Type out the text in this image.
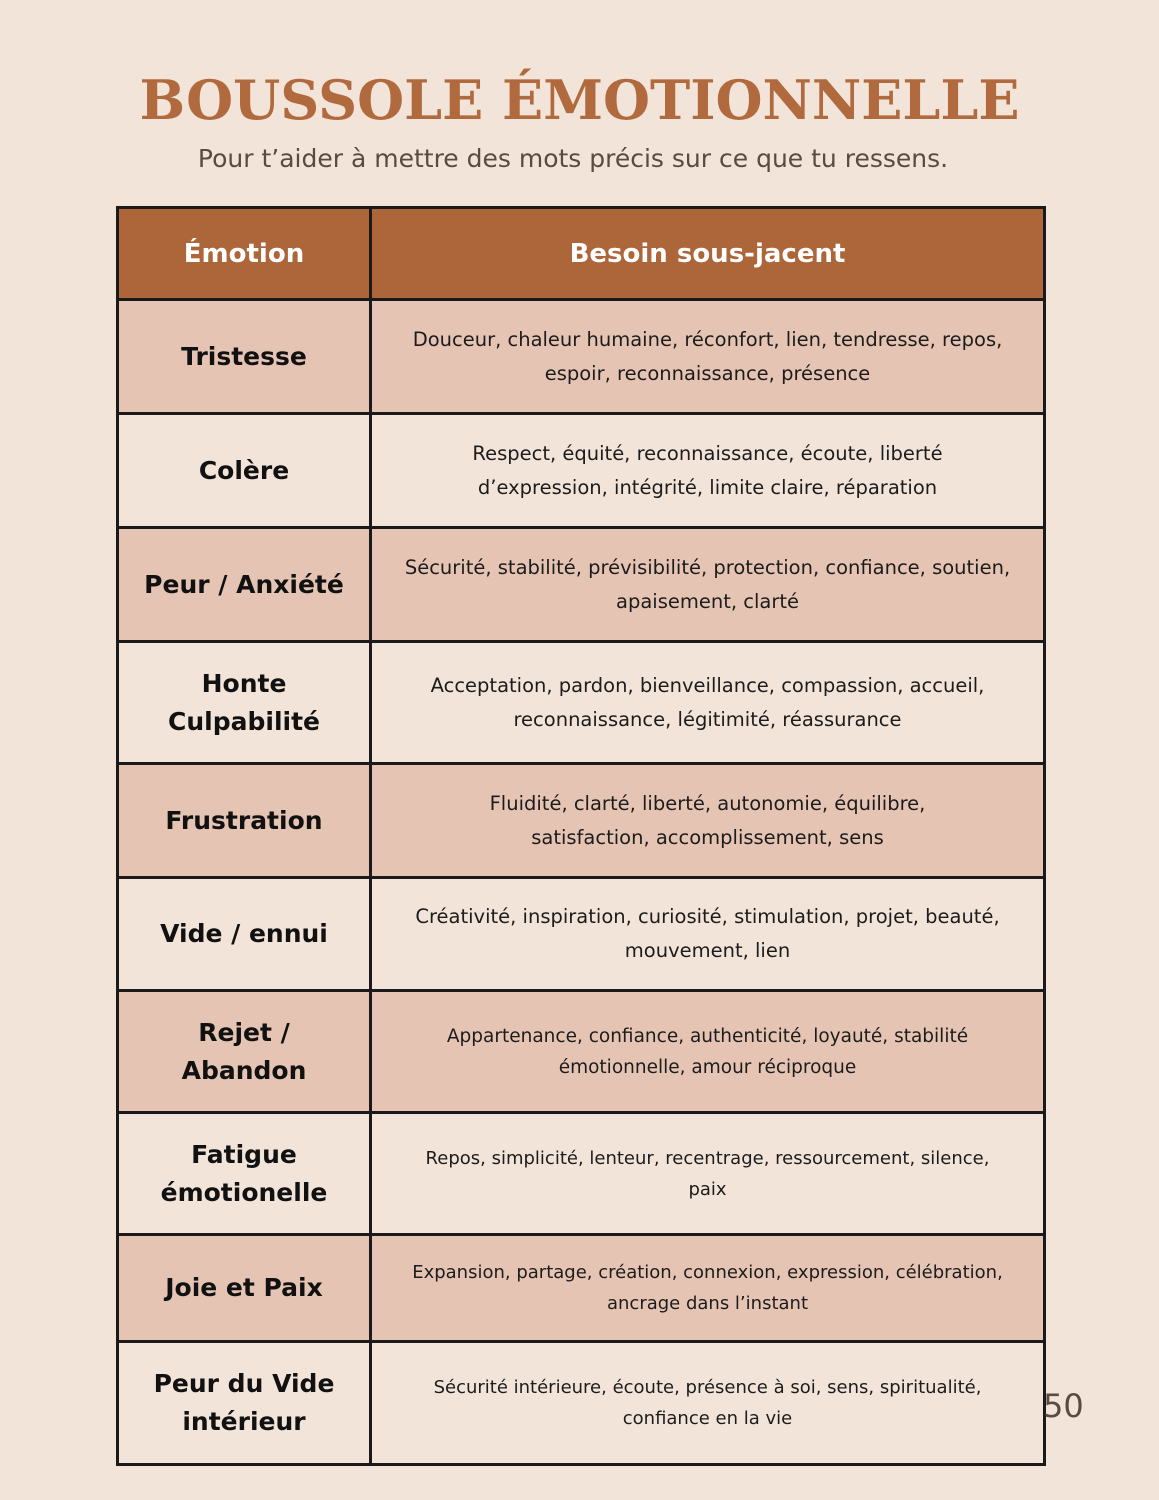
BOUSSOLE ÉMOTIONNELLE

Pour t’aider à mettre des mots précis sur ce que tu ressens.

Émotion	Besoin sous-jacent
Tristesse	Douceur, chaleur humaine, réconfort, lien, tendresse, repos, espoir, reconnaissance, présence
Colère	Respect, équité, reconnaissance, écoute, liberté d’expression, intégrité, limite claire, réparation
Peur / Anxiété	Sécurité, stabilité, prévisibilité, protection, confiance, soutien, apaisement, clarté
Honte Culpabilité	Acceptation, pardon, bienveillance, compassion, accueil, reconnaissance, légitimité, réassurance
Frustration	Fluidité, clarté, liberté, autonomie, équilibre, satisfaction, accomplissement, sens
Vide / ennui	Créativité, inspiration, curiosité, stimulation, projet, beauté, mouvement, lien
Rejet / Abandon	Appartenance, confiance, authenticité, loyauté, stabilité émotionnelle, amour réciproque
Fatigue émotionelle	Repos, simplicité, lenteur, recentrage, ressourcement, silence, paix
Joie et Paix	Expansion, partage, création, connexion, expression, célébration, ancrage dans l’instant
Peur du Vide intérieur	Sécurité intérieure, écoute, présence à soi, sens, spiritualité, confiance en la vie	50
